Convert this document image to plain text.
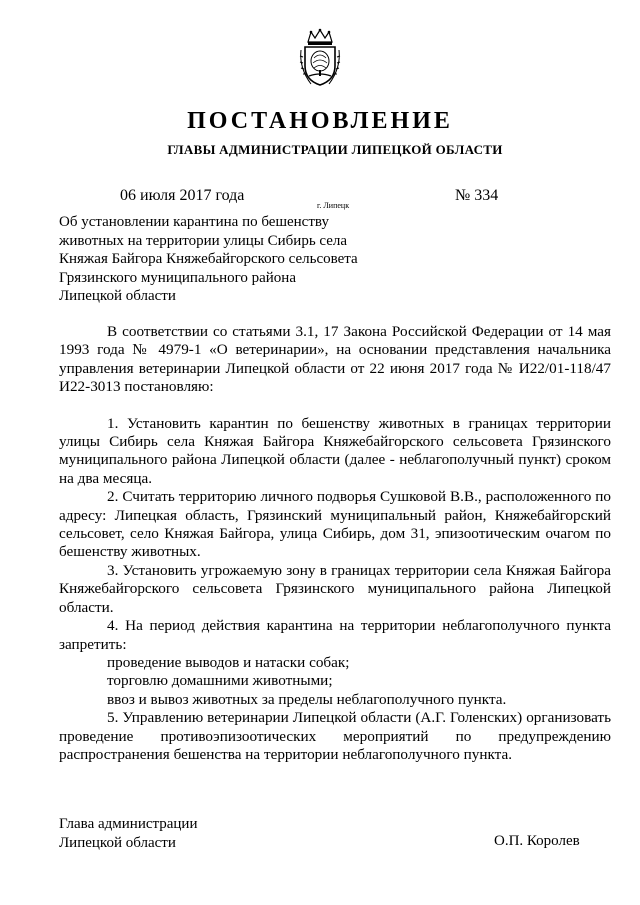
ПОСТАНОВЛЕНИЕ
ГЛАВЫ АДМИНИСТРАЦИИ ЛИПЕЦКОЙ ОБЛАСТИ
06 июля 2017 года
г. Липецк
№ 334
Об установлении карантина по бешенству животных на территории улицы Сибирь села Княжая Байгора Княжебайгорского сельсовета Грязинского муниципального района Липецкой области

В соответствии со статьями 3.1, 17 Закона Российской Федерации от 14 мая 1993 года № 4979-1 «О ветеринарии», на основании представления начальника управления ветеринарии Липецкой области от 22 июня 2017 года № И22/01-118/47 И22-3013 постановляю:

1. Установить карантин по бешенству животных в границах территории улицы Сибирь села Княжая Байгора Княжебайгорского сельсовета Грязинского муниципального района Липецкой области (далее - неблагополучный пункт) сроком на два месяца.

2. Считать территорию личного подворья Сушковой В.В., расположенного по адресу: Липецкая область, Грязинский муниципальный район, Княжебайгорский сельсовет, село Княжая Байгора, улица Сибирь, дом 31, эпизоотическим очагом по бешенству животных.

3. Установить угрожаемую зону в границах территории села Княжая Байгора Княжебайгорского сельсовета Грязинского муниципального района Липецкой области.

4. На период действия карантина на территории неблагополучного пункта запретить:

проведение выводов и натаски собак;

торговлю домашними животными;

ввоз и вывоз животных за пределы неблагополучного пункта.

5. Управлению ветеринарии Липецкой области (А.Г. Голенских) организовать проведение противоэпизоотических мероприятий по предупреждению распространения бешенства на территории неблагополучного пункта.

Глава администрации
Липецкой области	О.П. Королев
